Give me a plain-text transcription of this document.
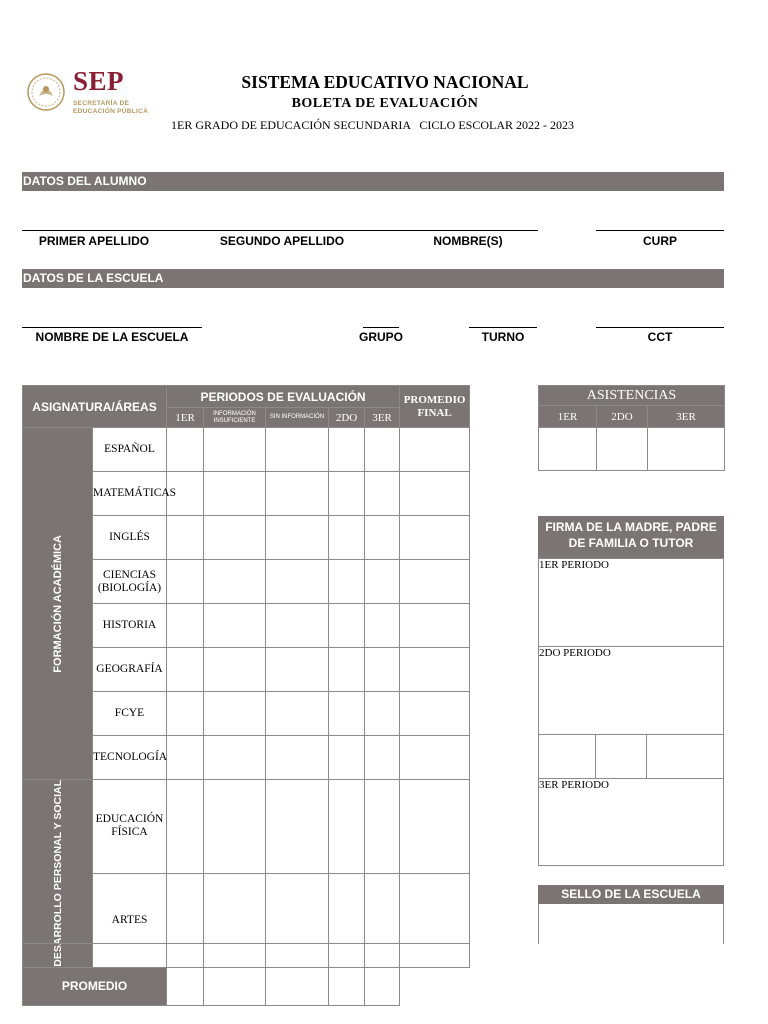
SEP
SECRETARÍA DE
EDUCACIÓN PÚBLICA
SISTEMA EDUCATIVO NACIONAL
BOLETA DE EVALUACIÓN
1ER GRADO DE EDUCACIÓN SECUNDARIA   CICLO ESCOLAR 2022 - 2023
DATOS DEL ALUMNO
PRIMER APELLIDO	SEGUNDO APELLIDO	NOMBRE(S)	CURP
DATOS DE LA ESCUELA
NOMBRE DE LA ESCUELA	GRUPO	TURNO	CCT
ASIGNATURA/ÁREAS		PERIODOS DE EVALUACIÓN					PROMEDIO FINAL
		1ER	INFORMACIÓN INSUFICIENTE	SIN INFORMACIÓN	2DO	3ER	

FORMACIÓN ACADÉMICA	ESPAÑOL						
	MATEMÁTICAS						
	INGLÉS						
	CIENCIAS (BIOLOGÍA)						
	HISTORIA						
	GEOGRAFÍA						
	FCYE						
	TECNOLOGÍA						

DESARROLLO PERSONAL Y SOCIAL	EDUCACIÓN FÍSICA						
	ARTES						
PROMEDIO							
ASISTENCIAS		
1ER	2DO	3ER

FIRMA DE LA MADRE, PADRE DE FAMILIA O TUTOR
1ER PERIODO
2DO PERIODO
3ER PERIODO
SELLO DE LA ESCUELA
